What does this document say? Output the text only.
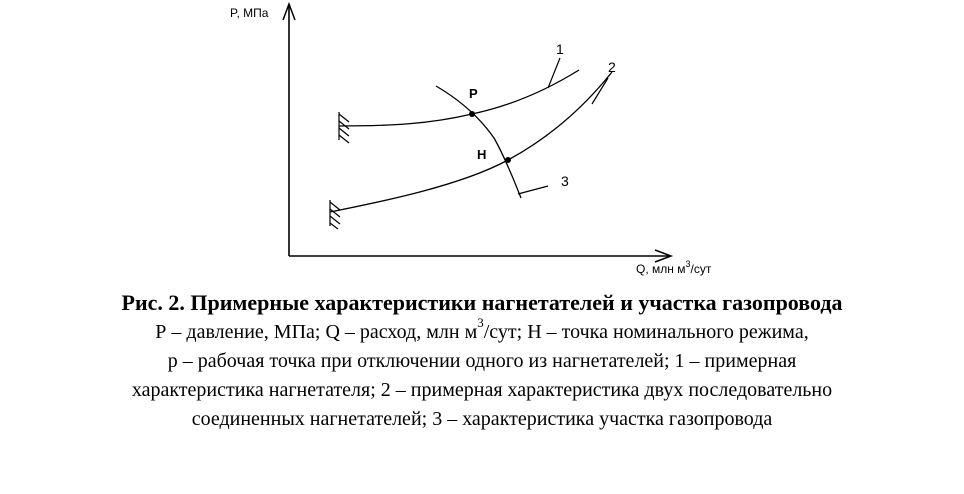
P, МПа
Q, млн $м^3$/сут
1
2
3
P
Н
Рис. 2. Примерные характеристики нагнетателей и участка газопровода
Р – давление, МПа; Q – расход, млн $м^3$/сут; Н – точка номинального режима,
р – рабочая точка при отключении одного из нагнетателей; 1 – примерная
характеристика нагнетателя; 2 – примерная характеристика двух последовательно
соединенных нагнетателей; 3 – характеристика участка газопровода
